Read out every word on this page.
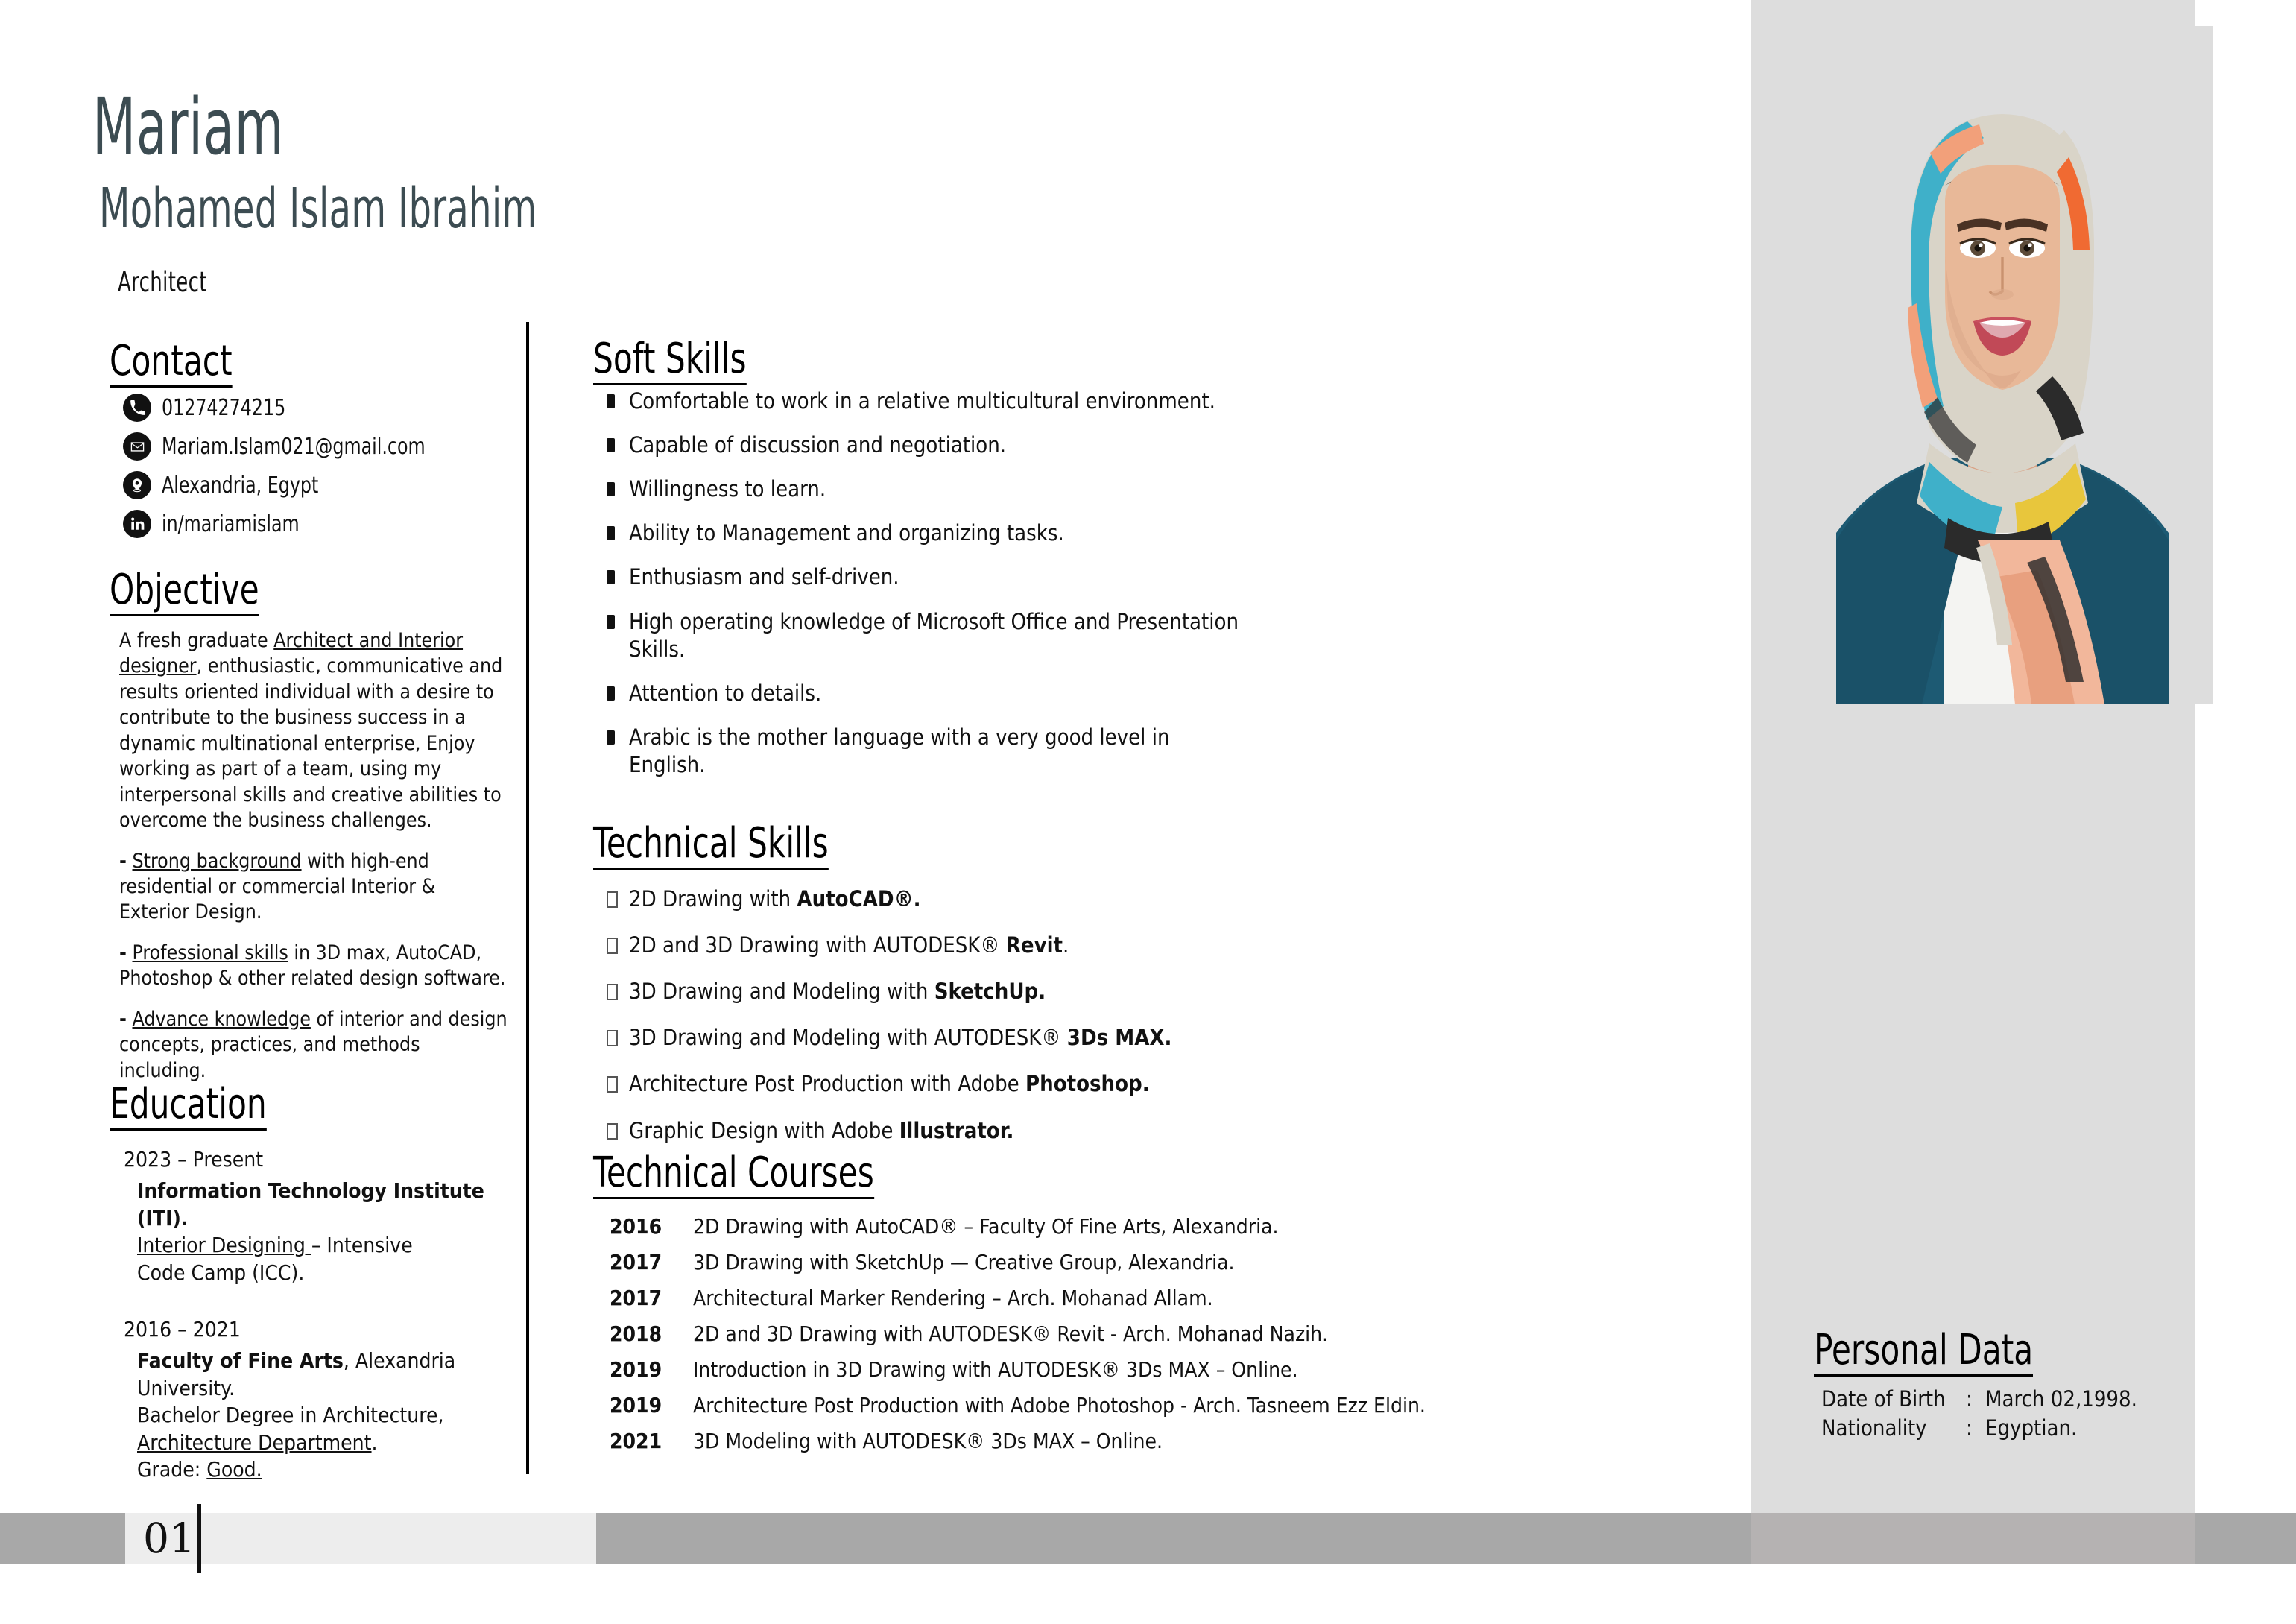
Mariam
Mohamed Islam Ibrahim
Architect
Contact
01274274215
Mariam.Islam021@gmail.com
Alexandria, Egypt
in/mariamislam
Objective

A fresh graduate Architect and Interior designer, enthusiastic, communicative and results oriented individual with a desire to contribute to the business success in a dynamic multinational enterprise, Enjoy working as part of a team, using my interpersonal skills and creative abilities to overcome the business challenges.

- Strong background with high-end residential or commercial Interior & Exterior Design.

- Professional skills in 3D max, AutoCAD, Photoshop & other related design software.

- Advance knowledge of interior and design concepts, practices, and methods including.

Education
2023 – Present
Information Technology Institute (ITI).
Interior Designing – Intensive
Code Camp (ICC).
2016 – 2021
Faculty of Fine Arts, Alexandria
University.
Bachelor Degree in Architecture,
Architecture Department.
Grade: Good.
Soft Skills
Comfortable to work in a relative multicultural environment.
Capable of discussion and negotiation.
Willingness to learn.
Ability to Management and organizing tasks.
Enthusiasm and self-driven.
High operating knowledge of Microsoft Office and Presentation Skills.
Attention to details.
Arabic is the mother language with a very good level in English.
Technical Skills
2D Drawing with AutoCAD®.
2D and 3D Drawing with AUTODESK® Revit.
3D Drawing and Modeling with SketchUp.
3D Drawing and Modeling with AUTODESK® 3Ds MAX.
Architecture Post Production with Adobe Photoshop.
Graphic Design with Adobe Illustrator.
Technical Courses
2016	2D Drawing with AutoCAD® – Faculty Of Fine Arts, Alexandria.
2017	3D Drawing with SketchUp — Creative Group, Alexandria.
2017	Architectural Marker Rendering – Arch. Mohanad Allam.
2018	2D and 3D Drawing with AUTODESK® Revit - Arch. Mohanad Nazih.
2019	Introduction in 3D Drawing with AUTODESK® 3Ds MAX – Online.
2019	Architecture Post Production with Adobe Photoshop - Arch. Tasneem Ezz Eldin.
2021	3D Modeling with AUTODESK® 3Ds MAX – Online.
Personal Data
Date of Birth : March 02,1998.
Nationality	: Egyptian.
01
